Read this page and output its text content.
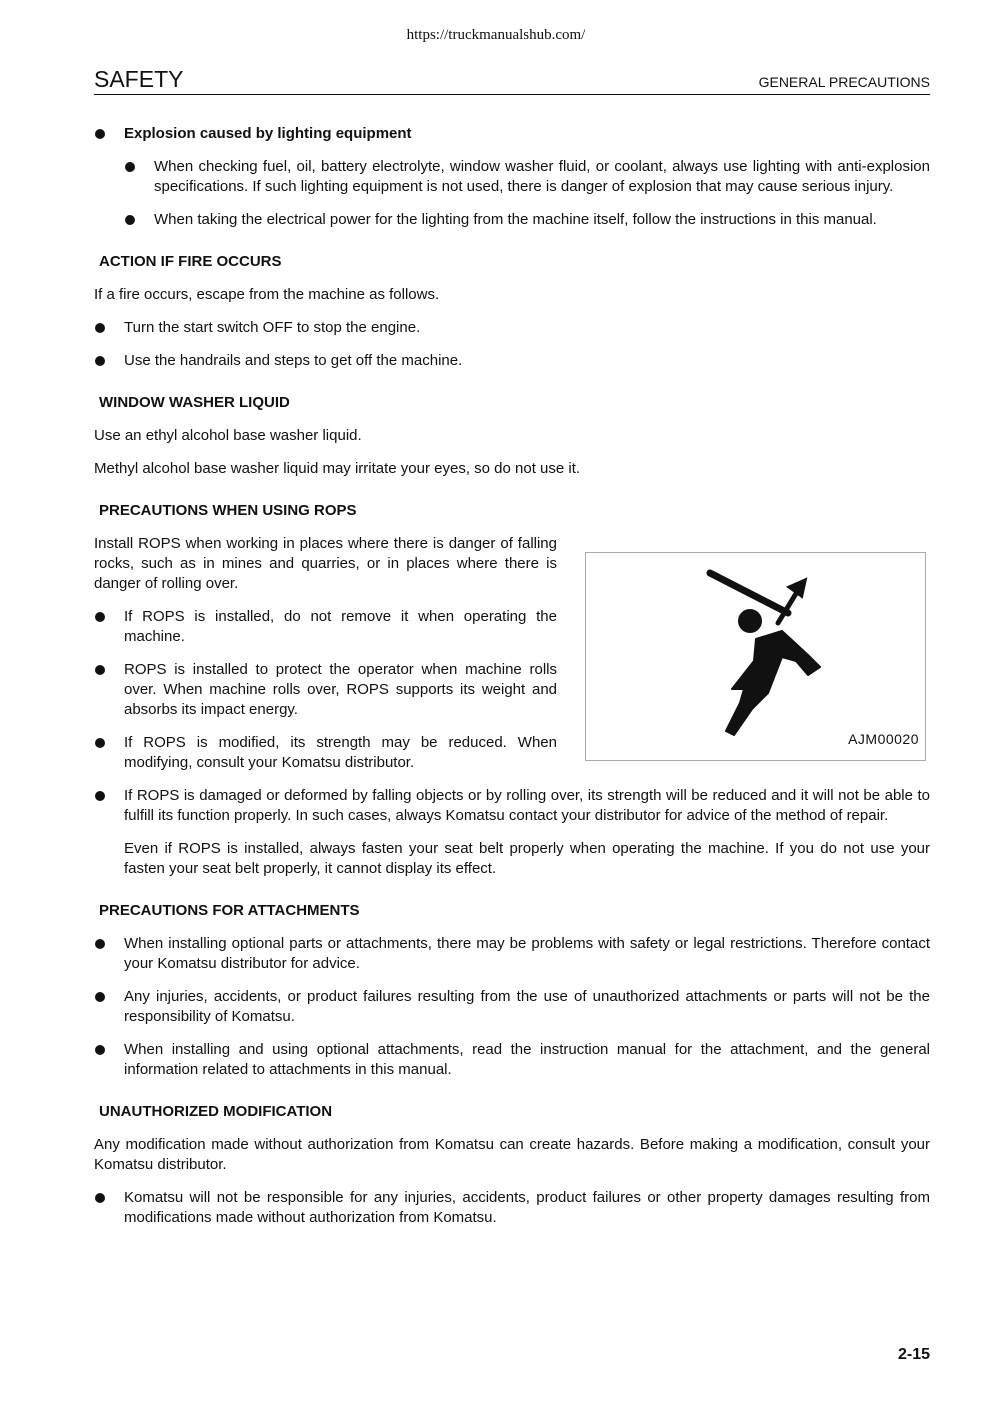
https://truckmanualshub.com/
SAFETY	GENERAL PRECAUTIONS
Explosion caused by lighting equipment
When checking fuel, oil, battery electrolyte, window washer fluid, or coolant, always use lighting with anti-explosion specifications. If such lighting equipment is not used, there is danger of explosion that may cause serious injury.
When taking the electrical power for the lighting from the machine itself, follow the instructions in this manual.
ACTION IF FIRE OCCURS

If a fire occurs, escape from the machine as follows.

Turn the start switch OFF to stop the engine.
Use the handrails and steps to get off the machine.
WINDOW WASHER LIQUID

Use an ethyl alcohol base washer liquid.

Methyl alcohol base washer liquid may irritate your eyes, so do not use it.

PRECAUTIONS WHEN USING ROPS

Install ROPS when working in places where there is danger of falling rocks, such as in mines and quarries, or in places where there is danger of rolling over.

If ROPS is installed, do not remove it when operating the machine.
ROPS is installed to protect the operator when machine rolls over. When machine rolls over, ROPS supports its weight and absorbs its impact energy.
If ROPS is modified, its strength may be reduced. When modifying, consult your Komatsu distributor.
AJM00020
If ROPS is damaged or deformed by falling objects or by rolling over, its strength will be reduced and it will not be able to fulfill its function properly. In such cases, always Komatsu contact your distributor for advice of the method of repair.

Even if ROPS is installed, always fasten your seat belt properly when operating the machine. If you do not use your fasten your seat belt properly, it cannot display its effect.

PRECAUTIONS FOR ATTACHMENTS
When installing optional parts or attachments, there may be problems with safety or legal restrictions. Therefore contact your Komatsu distributor for advice.
Any injuries, accidents, or product failures resulting from the use of unauthorized attachments or parts will not be the responsibility of Komatsu.
When installing and using optional attachments, read the instruction manual for the attachment, and the general information related to attachments in this manual.
UNAUTHORIZED MODIFICATION

Any modification made without authorization from Komatsu can create hazards. Before making a modification, consult your Komatsu distributor.

Komatsu will not be responsible for any injuries, accidents, product failures or other property damages resulting from modifications made without authorization from Komatsu.
2-15
